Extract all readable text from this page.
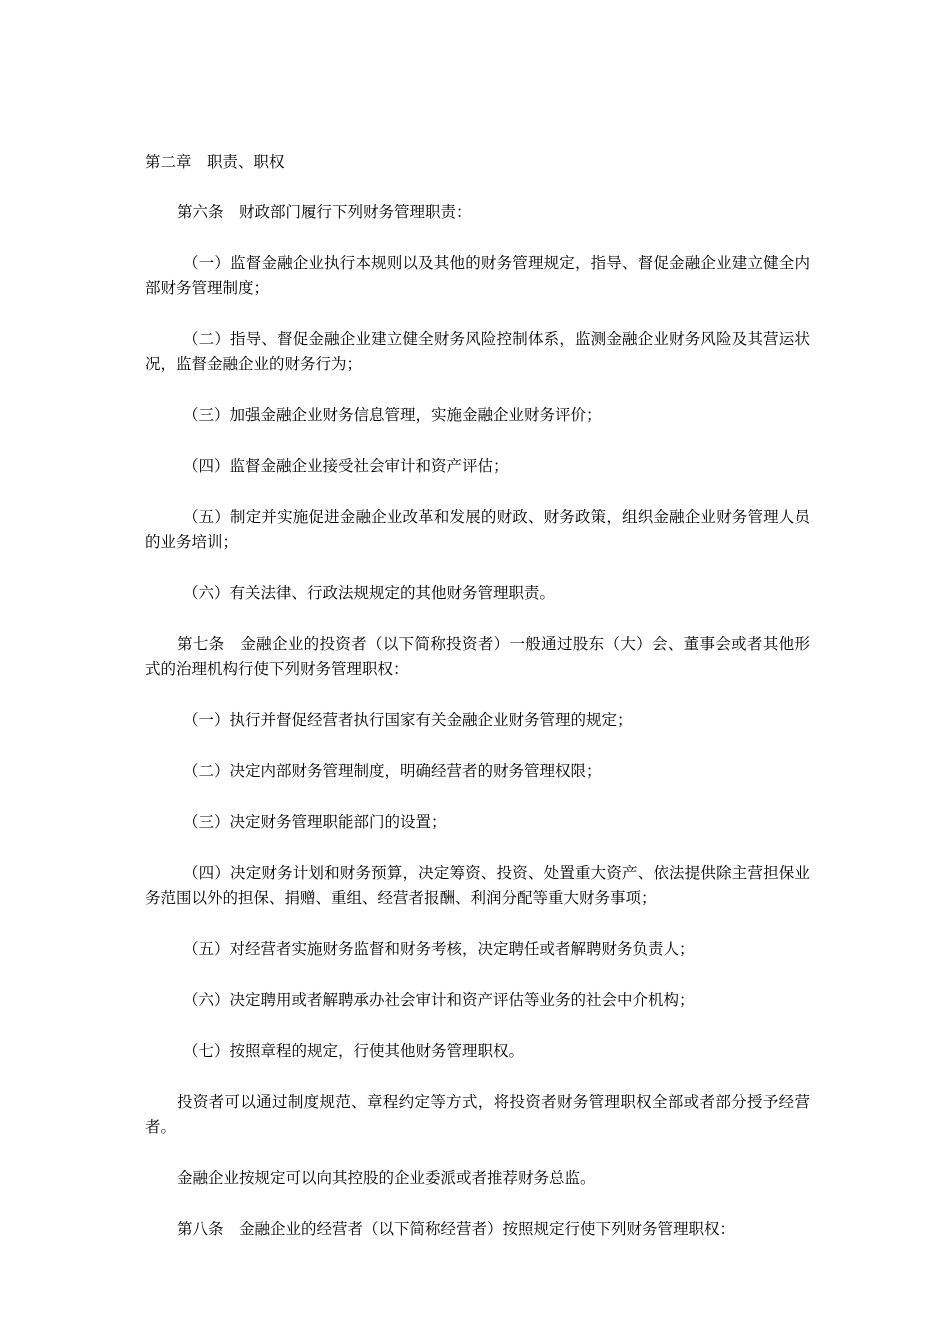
第二章　职责、职权

第六条　财政部门履行下列财务管理职责：

（一）监督金融企业执行本规则以及其他的财务管理规定，指导、督促金融企业建立健全内部财务管理制度；

（二）指导、督促金融企业建立健全财务风险控制体系，监测金融企业财务风险及其营运状况，监督金融企业的财务行为；

（三）加强金融企业财务信息管理，实施金融企业财务评价；

（四）监督金融企业接受社会审计和资产评估；

（五）制定并实施促进金融企业改革和发展的财政、财务政策，组织金融企业财务管理人员的业务培训；

（六）有关法律、行政法规规定的其他财务管理职责。

第七条　金融企业的投资者（以下简称投资者）一般通过股东（大）会、董事会或者其他形式的治理机构行使下列财务管理职权：

（一）执行并督促经营者执行国家有关金融企业财务管理的规定；

（二）决定内部财务管理制度，明确经营者的财务管理权限；

（三）决定财务管理职能部门的设置；

（四）决定财务计划和财务预算，决定筹资、投资、处置重大资产、依法提供除主营担保业务范围以外的担保、捐赠、重组、经营者报酬、利润分配等重大财务事项；

（五）对经营者实施财务监督和财务考核，决定聘任或者解聘财务负责人；

（六）决定聘用或者解聘承办社会审计和资产评估等业务的社会中介机构；

（七）按照章程的规定，行使其他财务管理职权。

投资者可以通过制度规范、章程约定等方式，将投资者财务管理职权全部或者部分授予经营者。

金融企业按规定可以向其控股的企业委派或者推荐财务总监。

第八条　金融企业的经营者（以下简称经营者）按照规定行使下列财务管理职权：
